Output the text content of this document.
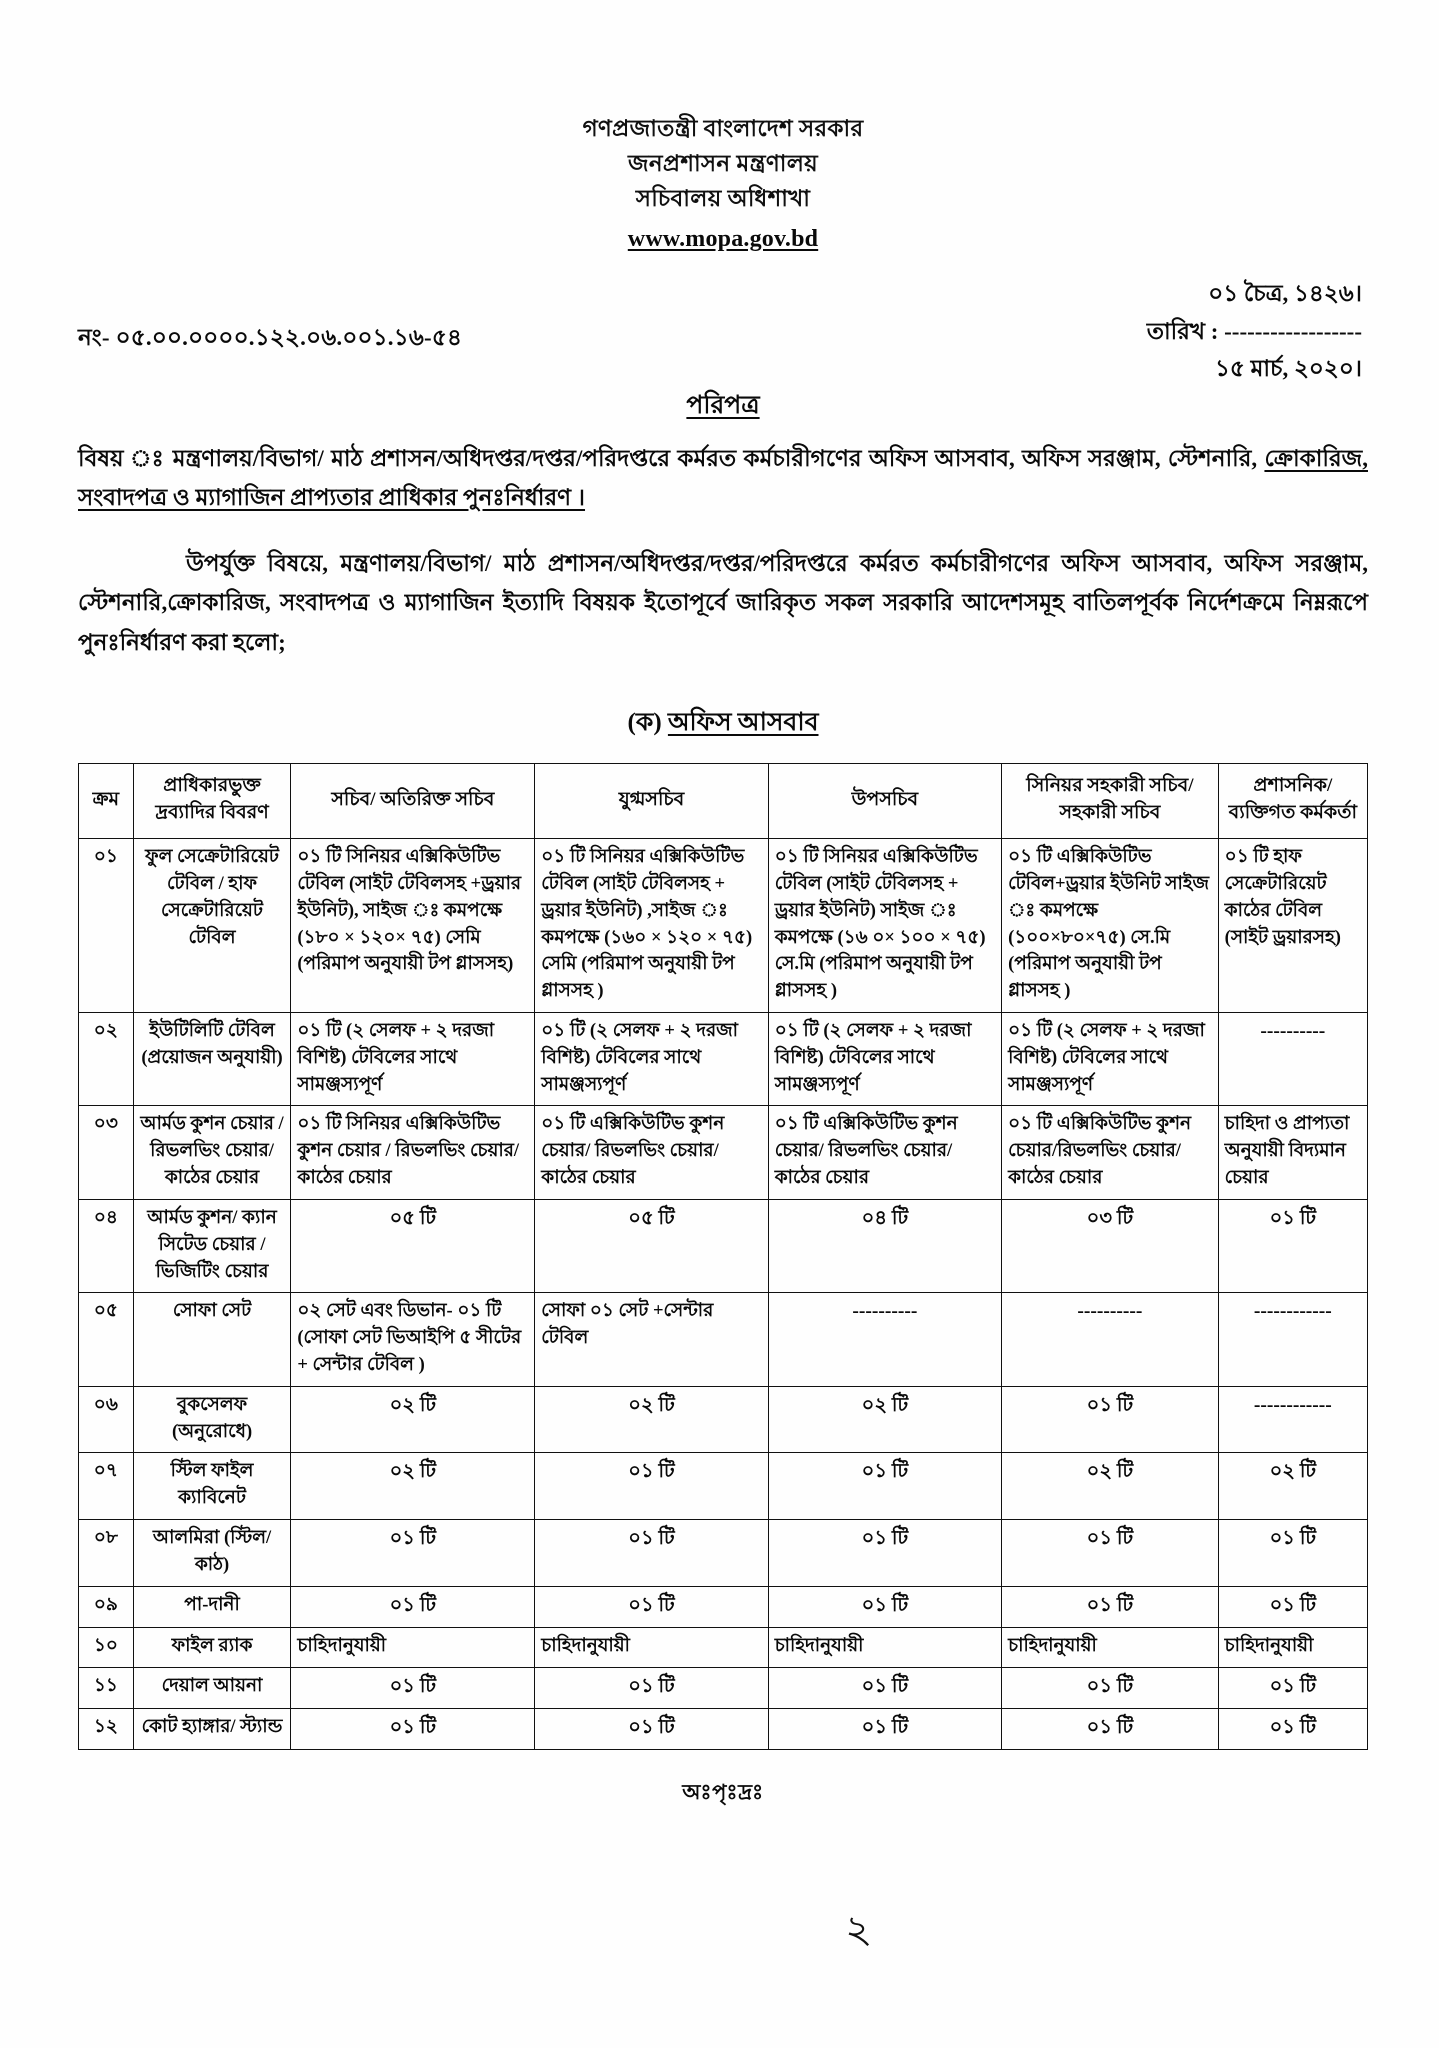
গণপ্রজাতন্ত্রী বাংলাদেশ সরকার
জনপ্রশাসন মন্ত্রণালয়
সচিবালয় অধিশাখা
www.mopa.gov.bd
নং- ০৫.০০.০০০০.১২২.০৬.০০১.১৬-৫৪
০১ চৈত্র, ১৪২৬।
তারিখ : ------------------
১৫ মার্চ, ২০২০।
পরিপত্র
বিষয় ঃ মন্ত্রণালয়/বিভাগ/ মাঠ প্রশাসন/অধিদপ্তর/দপ্তর/পরিদপ্তরে কর্মরত কর্মচারীগণের অফিস আসবাব, অফিস সরঞ্জাম, স্টেশনারি, ক্রোকারিজ, সংবাদপত্র ও ম্যাগাজিন প্রাপ্যতার প্রাধিকার পুনঃনির্ধারণ ।
উপর্যুক্ত বিষয়ে, মন্ত্রণালয়/বিভাগ/ মাঠ প্রশাসন/অধিদপ্তর/দপ্তর/পরিদপ্তরে কর্মরত কর্মচারীগণের অফিস আসবাব, অফিস সরঞ্জাম, স্টেশনারি,ক্রোকারিজ, সংবাদপত্র ও ম্যাগাজিন ইত্যাদি বিষয়ক ইতোপূর্বে জারিকৃত সকল সরকারি আদেশসমূহ বাতিলপূর্বক নির্দেশক্রমে নিম্নরূপে পুনঃনির্ধারণ করা হলো;
(ক) অফিস আসবাব
ক্রম	প্রাধিকারভুক্ত দ্রব্যাদির বিবরণ	সচিব/ অতিরিক্ত সচিব	যুগ্মসচিব	উপসচিব	সিনিয়র সহকারী সচিব/ সহকারী সচিব	প্রশাসনিক/ ব্যক্তিগত কর্মকর্তা
০১	ফুল সেক্রেটারিয়েট টেবিল / হাফ সেক্রেটারিয়েট টেবিল	০১ টি সিনিয়র এক্সিকিউটিভ টেবিল (সাইট টেবিলসহ +ড্রয়ার ইউনিট), সাইজ ঃ কমপক্ষে (১৮০ × ১২০× ৭৫) সেমি (পরিমাপ অনুযায়ী টপ গ্লাসসহ)	০১ টি সিনিয়র এক্সিকিউটিভ টেবিল (সাইট টেবিলসহ + ড্রয়ার ইউনিট) ,সাইজ ঃ কমপক্ষে (১৬০ × ১২০ × ৭৫) সেমি (পরিমাপ অনুযায়ী টপ গ্লাসসহ )	০১ টি সিনিয়র এক্সিকিউটিভ টেবিল (সাইট টেবিলসহ + ড্রয়ার ইউনিট) সাইজ ঃ কমপক্ষে (১৬ ০× ১০০ × ৭৫) সে.মি (পরিমাপ অনুযায়ী টপ গ্লাসসহ )	০১ টি এক্সিকিউটিভ টেবিল+ড্রয়ার ইউনিট সাইজ ঃ কমপক্ষে (১০০×৮০×৭৫) সে.মি (পরিমাপ অনুযায়ী টপ গ্লাসসহ )	০১ টি হাফ সেক্রেটারিয়েট কাঠের টেবিল (সাইট ড্রয়ারসহ)
০২	ইউটিলিটি টেবিল (প্রয়োজন অনুযায়ী)	০১ টি (২ সেলফ + ২ দরজা বিশিষ্ট) টেবিলের সাথে সামঞ্জস্যপূর্ণ	০১ টি (২ সেলফ + ২ দরজা বিশিষ্ট) টেবিলের সাথে সামঞ্জস্যপূর্ণ	০১ টি (২ সেলফ + ২ দরজা বিশিষ্ট) টেবিলের সাথে সামঞ্জস্যপূর্ণ	০১ টি (২ সেলফ + ২ দরজা বিশিষ্ট) টেবিলের সাথে সামঞ্জস্যপূর্ণ	----------
০৩	আর্মড কুশন চেয়ার /রিভলভিং চেয়ার/ কাঠের চেয়ার	০১ টি সিনিয়র এক্সিকিউটিভ কুশন চেয়ার / রিভলভিং চেয়ার/ কাঠের চেয়ার	০১ টি এক্সিকিউটিভ কুশন চেয়ার/ রিভলভিং চেয়ার/ কাঠের চেয়ার	০১ টি এক্সিকিউটিভ কুশন চেয়ার/ রিভলভিং চেয়ার/ কাঠের চেয়ার	০১ টি এক্সিকিউটিভ কুশন চেয়ার/রিভলভিং চেয়ার/ কাঠের চেয়ার	চাহিদা ও প্রাপ্যতা অনুযায়ী বিদ্যমান চেয়ার
০৪	আর্মড কুশন/ ক্যান সিটেড চেয়ার / ভিজিটিং চেয়ার	০৫ টি	০৫ টি	০৪ টি	০৩ টি	০১ টি
০৫	সোফা সেট	০২ সেট এবং ডিভান- ০১ টি (সোফা সেট ভিআইপি ৫ সীটের + সেন্টার টেবিল )	সোফা ০১ সেট +সেন্টার টেবিল	----------	----------	------------
০৬	বুকসেলফ (অনুরোধে)	০২ টি	০২ টি	০২ টি	০১ টি	------------
০৭	স্টিল ফাইল ক্যাবিনেট	০২ টি	০১ টি	০১ টি	০২ টি	০২ টি
০৮	আলমিরা (স্টিল/ কাঠ)	০১ টি	০১ টি	০১ টি	০১ টি	০১ টি
০৯	পা-দানী	০১ টি	০১ টি	০১ টি	০১ টি	০১ টি
১০	ফাইল র‍্যাক	চাহিদানুযায়ী	চাহিদানুযায়ী	চাহিদানুযায়ী	চাহিদানুযায়ী	চাহিদানুযায়ী
১১	দেয়াল আয়না	০১ টি	০১ টি	০১ টি	০১ টি	০১ টি
১২	কোট হ্যাঙ্গার/ স্ট্যান্ড	০১ টি	০১ টি	০১ টি	০১ টি	০১ টি
অঃপৃঃদ্রঃ
২
